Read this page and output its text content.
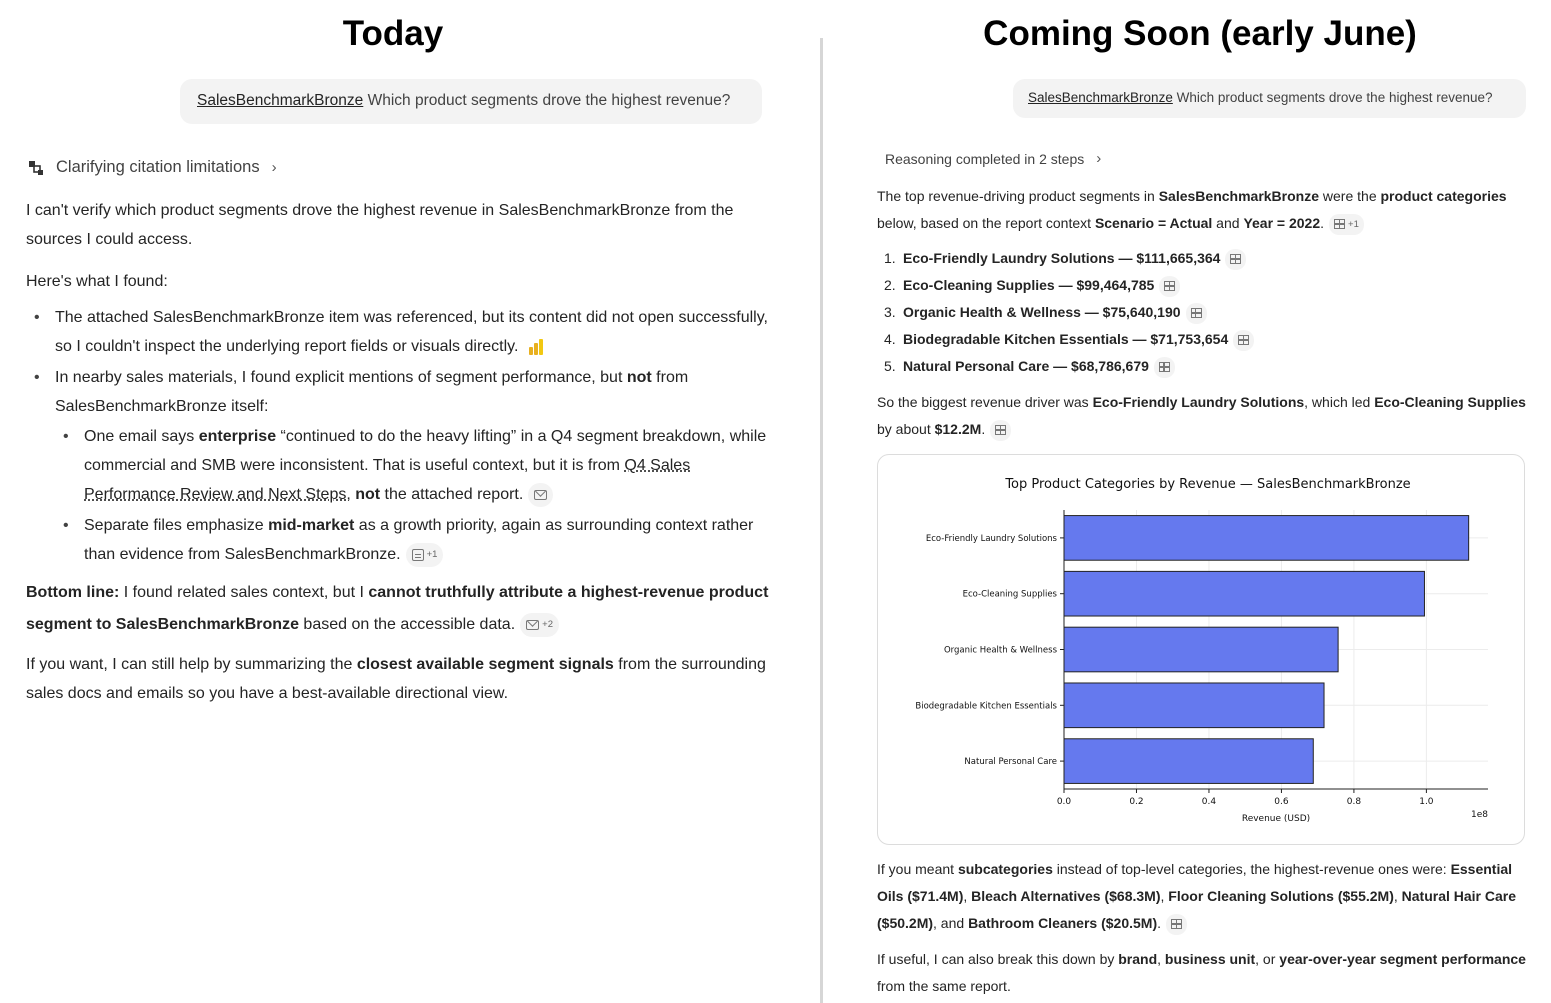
Today	Coming Soon (early June)
SalesBenchmarkBronze Which product segments drove the highest revenue?
Clarifying citation limitations ›

I can't verify which product segments drove the highest revenue in SalesBenchmarkBronze from the sources I could access.

Here's what I found:

• The attached SalesBenchmarkBronze item was referenced, but its content did not open successfully, so I couldn't inspect the underlying report fields or visuals directly.
• In nearby sales materials, I found explicit mentions of segment performance, but not from SalesBenchmarkBronze itself:
• One email says enterprise “continued to do the heavy lifting” in a Q4 segment breakdown, while commercial and SMB were inconsistent. That is useful context, but it is from Q4 Sales Performance Review and Next Steps, not the attached report.
• Separate files emphasize mid-market as a growth priority, again as surrounding context rather than evidence from SalesBenchmarkBronze.	+1

Bottom line: I found related sales context, but I cannot truthfully attribute a highest-revenue product segment to SalesBenchmarkBronze based on the accessible data.	+2

If you want, I can still help by summarizing the closest available segment signals from the surrounding sales docs and emails so you have a best-available directional view.

SalesBenchmarkBronze Which product segments drove the highest revenue?
Reasoning completed in 2 steps ›

The top revenue-driving product segments in SalesBenchmarkBronze were the product categories below, based on the report context Scenario = Actual and Year = 2022.	+1

1. Eco-Friendly Laundry Solutions — $111,665,364
2. Eco-Cleaning Supplies — $99,464,785
3. Organic Health & Wellness — $75,640,190
4. Biodegradable Kitchen Essentials — $71,753,654
5. Natural Personal Care — $68,786,679

So the biggest revenue driver was Eco-Friendly Laundry Solutions, which led Eco-Cleaning Supplies by about $12.2M.

Eco-Friendly Laundry Solutions
Eco-Cleaning Supplies
Organic Health & Wellness
Biodegradable Kitchen Essentials
Natural Personal Care
0.0	0.2	0.4	0.6	0.8	1.0
Top Product Categories by Revenue — SalesBenchmarkBronze
Revenue (USD)	1e8

If you meant subcategories instead of top-level categories, the highest-revenue ones were: Essential Oils ($71.4M), Bleach Alternatives ($68.3M), Floor Cleaning Solutions ($55.2M), Natural Hair Care ($50.2M), and Bathroom Cleaners ($20.5M).

If useful, I can also break this down by brand, business unit, or year-over-year segment performance from the same report.
